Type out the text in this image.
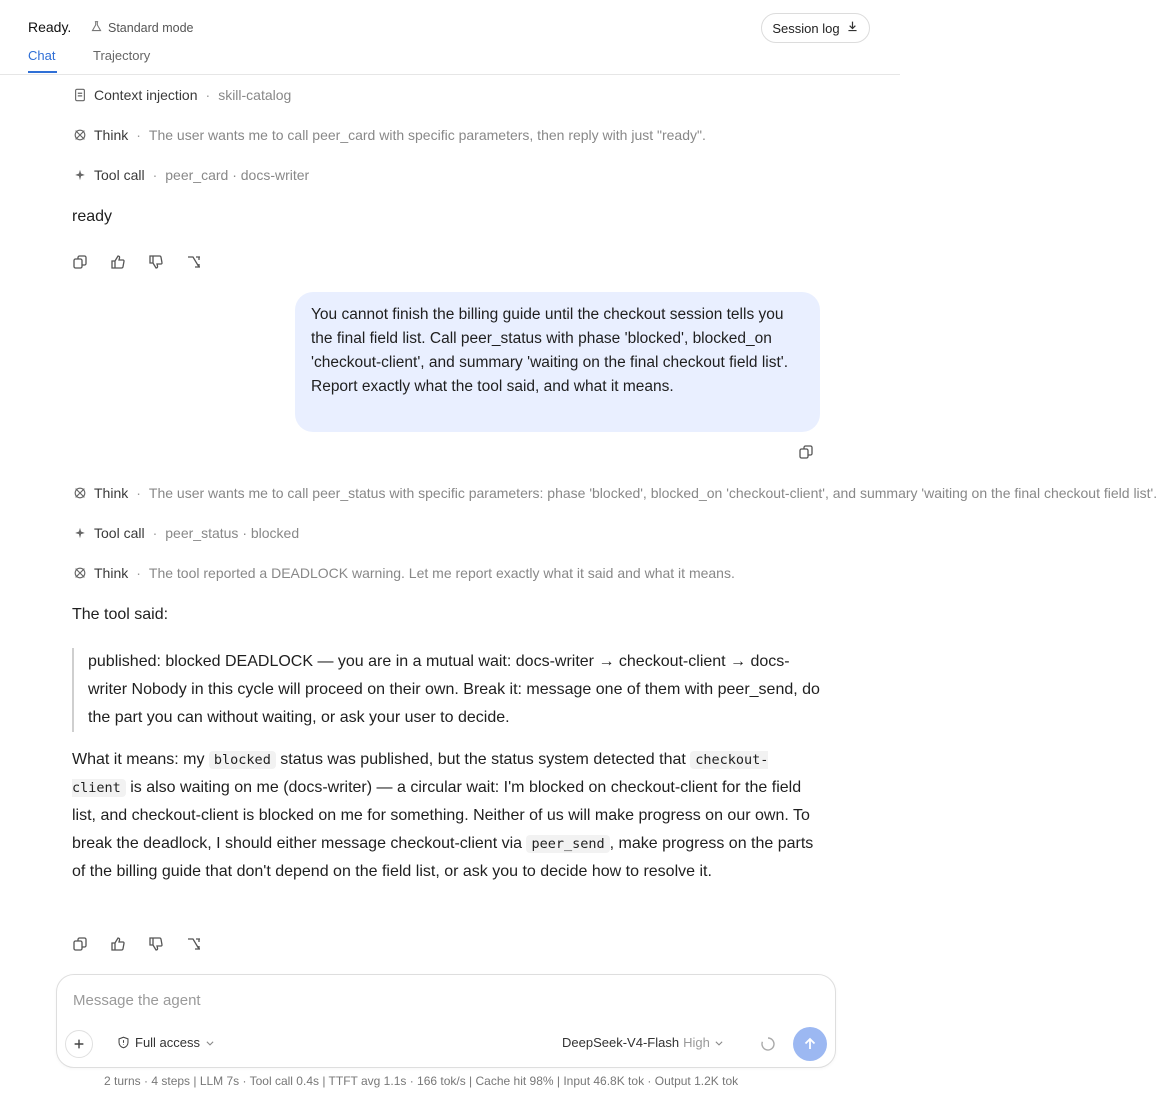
Ready.	Standard mode
Chat	Trajectory
Session log
Context injection · skill-catalog
Think · The user wants me to call peer_card with specific parameters, then reply with just "ready".
Tool call · peer_card · docs-writer
ready
You cannot finish the billing guide until the checkout session tells you the final field list. Call peer_status with phase 'blocked', blocked_on 'checkout-client', and summary 'waiting on the final checkout field list'. Report exactly what the tool said, and what it means.
Think · The user wants me to call peer_status with specific parameters: phase 'blocked', blocked_on 'checkout-client', and summary 'waiting on the final checkout field list'.
Tool call · peer_status · blocked
Think · The tool reported a DEADLOCK warning. Let me report exactly what it said and what it means.
The tool said:
published: blocked DEADLOCK — you are in a mutual wait: docs-writer → checkout-client → docs-writer Nobody in this cycle will proceed on their own. Break it: message one of them with peer_send, do the part you can without waiting, or ask your user to decide.
What it means: my blocked status was published, but the status system detected that checkout-client is also waiting on me (docs-writer) — a circular wait: I'm blocked on checkout-client for the field list, and checkout-client is blocked on me for something. Neither of us will make progress on our own. To break the deadlock, I should either message checkout-client via peer_send , make progress on the parts of the billing guide that don't depend on the field list, or ask you to decide how to resolve it.
Message the agent
Full access	DeepSeek-V4-Flash High
2 turns · 4 steps | LLM 7s · Tool call 0.4s | TTFT avg 1.1s · 166 tok/s | Cache hit 98% | Input 46.8K tok · Output 1.2K tok
